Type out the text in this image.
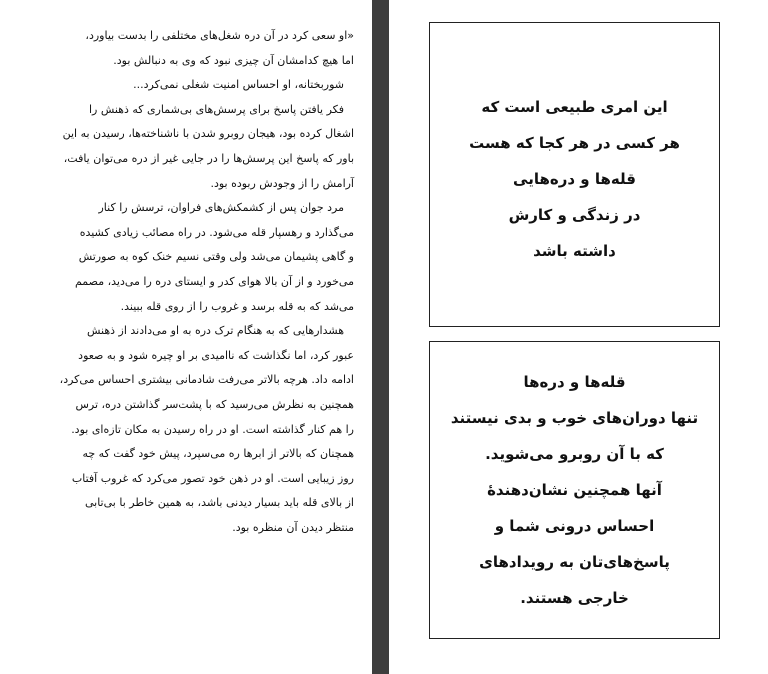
«او سعی کرد در آن دره شغل‌های مختلفی را بدست بیاورد،
اما هیچ کدامشان آن چیزی نبود که وی به دنبالش بود.

شوربختانه، او احساس امنیت شغلی نمی‌کرد...

فکر یافتن پاسخ برای پرسش‌های بی‌شماری که ذهنش را
اشغال کرده بود، هیجان روبرو شدن با ناشناخته‌ها، رسیدن به این
باور که پاسخ این پرسش‌ها را در جایی غیر از دره می‌توان یافت،
آرامش را از وجودش ربوده بود.

مرد جوان پس از کشمکش‌های فراوان، ترسش را کنار
می‌گذارد و رهسپار قله می‌شود. در راه مصائب زیادی کشیده
و گاهی پشیمان می‌شد ولی وقتی نسیم خنک کوه به صورتش
می‌خورد و از آن بالا هوای کدر و ایستای دره را می‌دید، مصمم
می‌شد که به قله برسد و غروب را از روی قله ببیند.

هشدارهایی که به هنگام ترک دره به او می‌دادند از ذهنش
عبور کرد، اما نگذاشت که ناامیدی بر او چیره شود و به صعود
ادامه داد. هرچه بالاتر می‌رفت شادمانی بیشتری احساس می‌کرد،
همچنین به نظرش می‌رسید که با پشت‌سر گذاشتن دره، ترس
را هم کنار گذاشته است. او در راه رسیدن به مکان تازه‌ای بود.
همچنان که بالاتر از ابرها ره می‌سپرد، پیش خود گفت که چه
روز زیبایی است. او در ذهن خود تصور می‌کرد که غروب آفتاب
از بالای قله باید بسیار دیدنی باشد، به همین خاطر با بی‌تابی
منتظر دیدن آن منظره بود.

این امری طبیعی است که
هر کسی در هر کجا که هست
قله‌ها و دره‌هایی
در زندگی و کارش
داشته باشد
قله‌ها و دره‌ها
تنها دوران‌های خوب و بدی نیستند
که با آن روبرو می‌شوید.
آنها همچنین نشان‌دهندهٔ
احساس درونی شما و
پاسخ‌های‌تان به رویدادهای
خارجی هستند.
